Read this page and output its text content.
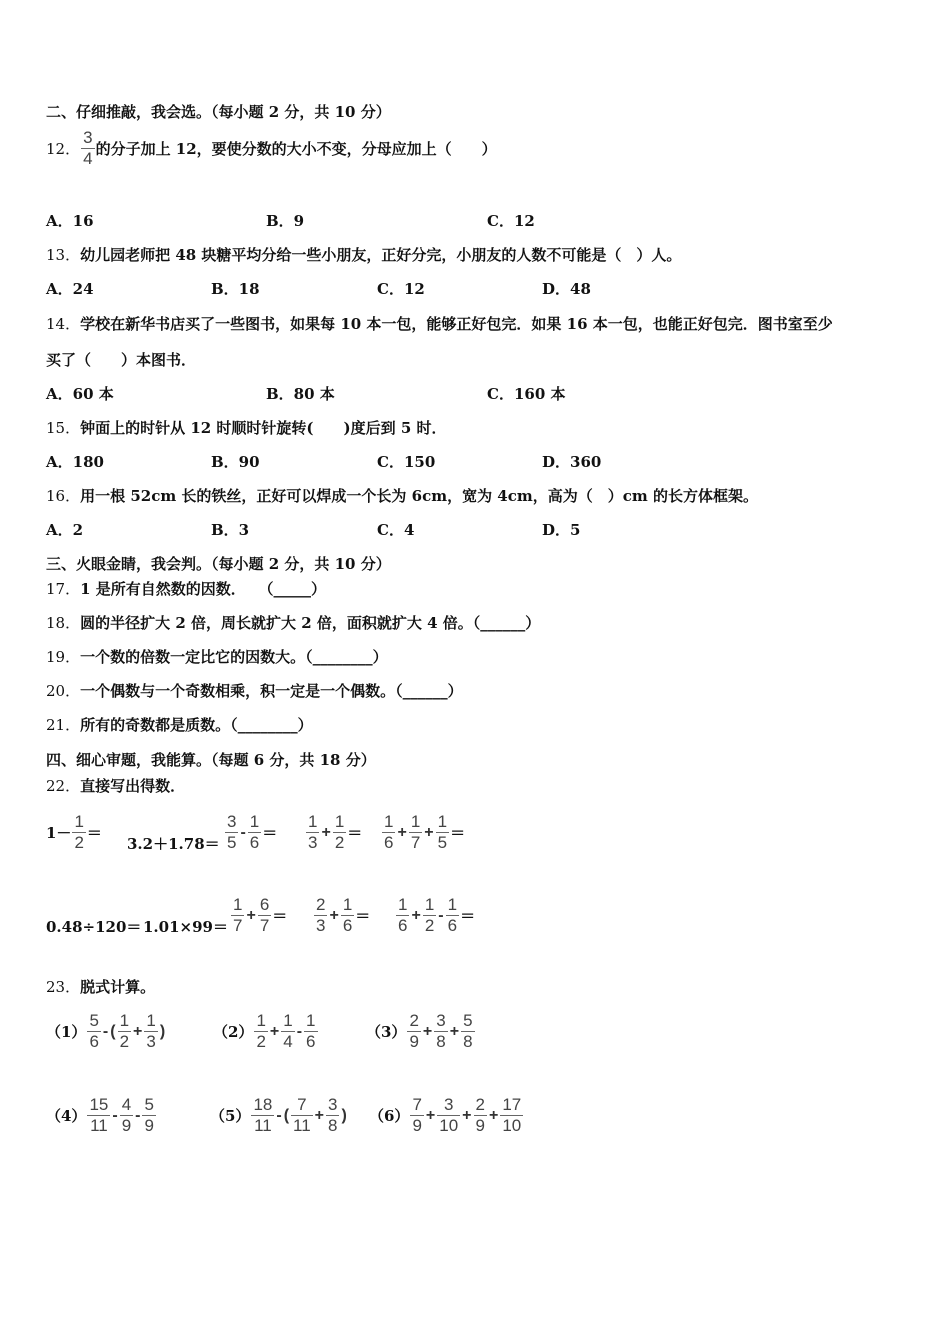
二、仔细推敲，我会选。（每小题 2 分，共 10 分）
12． $\frac{3}{4}$ 的分子加上 12，要使分数的大小不变，分母应加上（　　）
A．16	B．9	C．12
13．幼儿园老师把 48 块糖平均分给一些小朋友，正好分完，小朋友的人数不可能是（　）人。
A．24	B．18	C．12	D．48
14．学校在新华书店买了一些图书，如果每 10 本一包，能够正好包完．如果 16 本一包，也能正好包完．图书室至少
买了（　　）本图书．
A．60 本	B．80 本	C．160 本
15．钟面上的时针从 12 时顺时针旋转(　　)度后到 5 时．
A．180	B．90	C．150	D．360
16．用一根 52cm 长的铁丝，正好可以焊成一个长为 6cm，宽为 4cm，高为（　）cm 的长方体框架。
A．2	B．3	C．4	D．5
三、火眼金睛，我会判。（每小题 2 分，共 10 分）
17．1 是所有自然数的因数．　 （_____）
18．圆的半径扩大 2 倍，周长就扩大 2 倍，面积就扩大 4 倍。（______）
19．一个数的倍数一定比它的因数大。（________）
20．一个偶数与一个奇数相乘，积一定是一个偶数。（______）
21．所有的奇数都是质数。（________）
四、细心审题，我能算。（每题 6 分，共 18 分）
22．直接写出得数．
$1- \frac{1}{2}$ ＝
$3.2+1.78= \frac{3}{5} - \frac{1}{6} = \frac{1}{3} + \frac{1}{2} = \frac{1}{6} + \frac{1}{7} + \frac{1}{5}$ ＝
$0.48\div 120= 1.01\times 99= \frac{1}{7} + \frac{6}{7} = \frac{2}{3} + \frac{1}{6} = \frac{1}{6} + \frac{1}{2} - \frac{1}{6}$ ＝
23．脱式计算。
$(1) \frac{5}{6}$ - ( $\frac{1}{2} + \frac{1}{3}$ )	$(2) \frac{1}{2} + \frac{1}{4} - \frac{1}{6}$	$(3) \frac{2}{9} + \frac{3}{8} + \frac{5}{8}$
$(4) \frac{15}{11} - \frac{4}{9} - \frac{5}{9}$	$(5) \frac{18}{11}$ - ( $\frac{7}{11} + \frac{3}{8}$ ) $(6) \frac{7}{9} + \frac{3}{10} + \frac{2}{9} + \frac{17}{10}$
